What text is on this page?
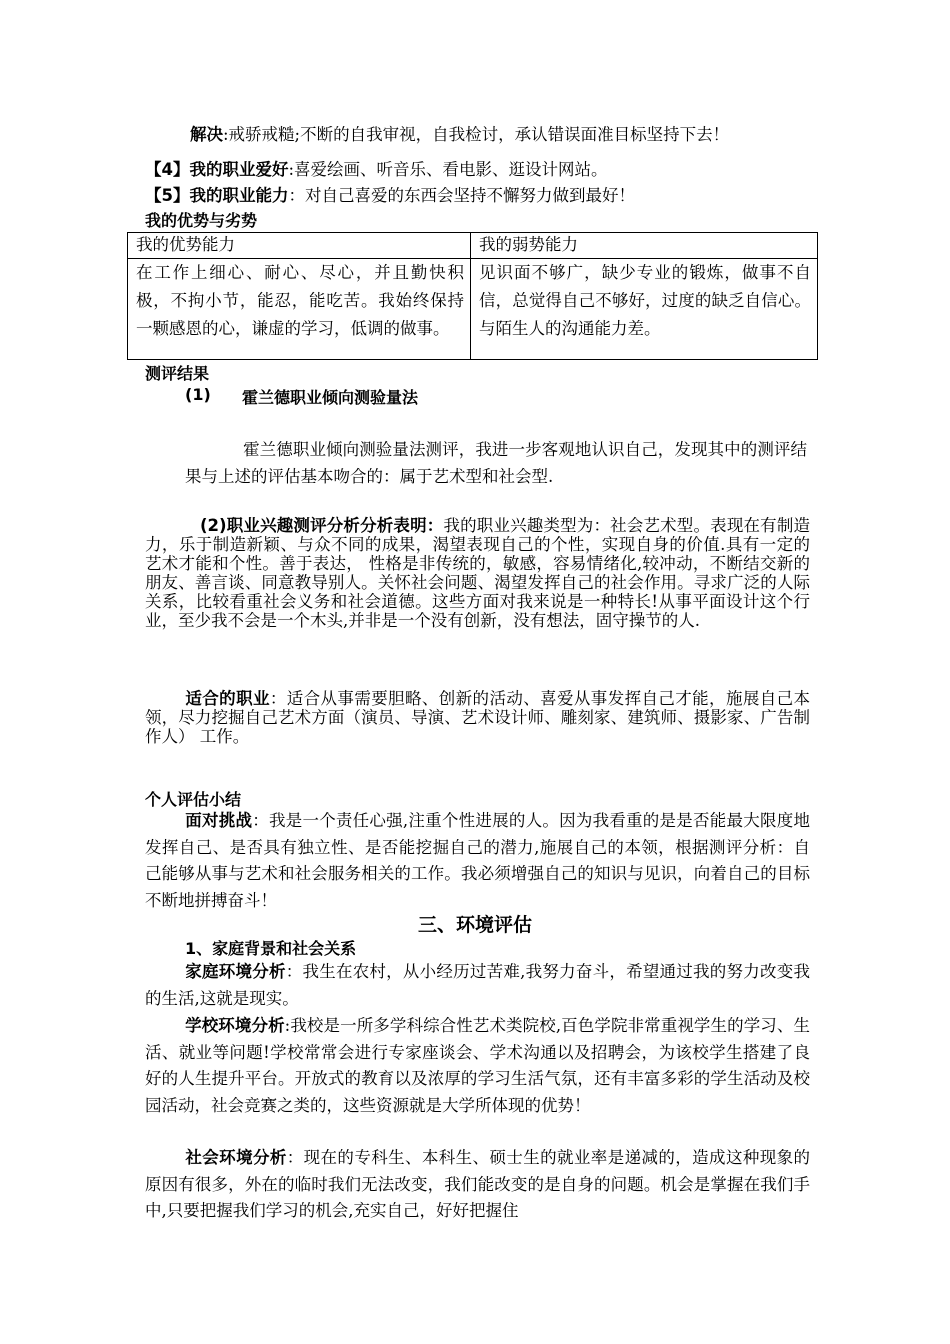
解决:戒骄戒糙;不断的自我审视，自我检讨，承认错误面准目标坚持下去！
【4】我的职业爱好:喜爱绘画、听音乐、看电影、逛设计网站。
【5】我的职业能力：对自己喜爱的东西会坚持不懈努力做到最好！
我的优势与劣势
我的优势能力	我的弱势能力
在工作上细心、耐心、尽心，并且勤快积极，不拘小节，能忍，能吃苦。我始终保持一颗感恩的心，谦虚的学习，低调的做事。	见识面不够广，缺少专业的锻炼，做事不自信，总觉得自己不够好，过度的缺乏自信心。与陌生人的沟通能力差。
测评结果
(1) 霍兰德职业倾向测验量法
霍兰德职业倾向测验量法测评，我进一步客观地认识自己，发现其中的测评结果与上述的评估基本吻合的：属于艺术型和社会型.
(2)职业兴趣测评分析分析表明：我的职业兴趣类型为：社会艺术型。表现在有制造力，乐于制造新颖、与众不同的成果，渴望表现自己的个性，实现自身的价值.具有一定的艺术才能和个性。善于表达， 性格是非传统的，敏感，容易情绪化,较冲动，不断结交新的朋友、善言谈、同意教导别人。关怀社会问题、渴望发挥自己的社会作用。寻求广泛的人际关系，比较看重社会义务和社会道德。这些方面对我来说是一种特长!从事平面设计这个行业，至少我不会是一个木头,并非是一个没有创新，没有想法，固守操节的人.
适合的职业：适合从事需要胆略、创新的活动、喜爱从事发挥自己才能，施展自己本领，尽力挖掘自己艺术方面（演员、导演、艺术设计师、雕刻家、建筑师、摄影家、广告制作人） 工作。
个人评估小结
面对挑战：我是一个责任心强,注重个性进展的人。因为我看重的是是否能最大限度地发挥自己、是否具有独立性、是否能挖掘自己的潜力,施展自己的本领，根据测评分析：自己能够从事与艺术和社会服务相关的工作。我必须增强自己的知识与见识，向着自己的目标不断地拼搏奋斗！
三、环境评估
1、家庭背景和社会关系
家庭环境分析：我生在农村，从小经历过苦难,我努力奋斗，希望通过我的努力改变我的生活,这就是现实。
学校环境分析:我校是一所多学科综合性艺术类院校,百色学院非常重视学生的学习、生活、就业等问题!学校常常会进行专家座谈会、学术沟通以及招聘会，为该校学生搭建了良好的人生提升平台。开放式的教育以及浓厚的学习生活气氛，还有丰富多彩的学生活动及校园活动，社会竞赛之类的，这些资源就是大学所体现的优势！
社会环境分析：现在的专科生、本科生、硕士生的就业率是递减的，造成这种现象的原因有很多，外在的临时我们无法改变，我们能改变的是自身的问题。机会是掌握在我们手中,只要把握我们学习的机会,充实自己，好好把握住
